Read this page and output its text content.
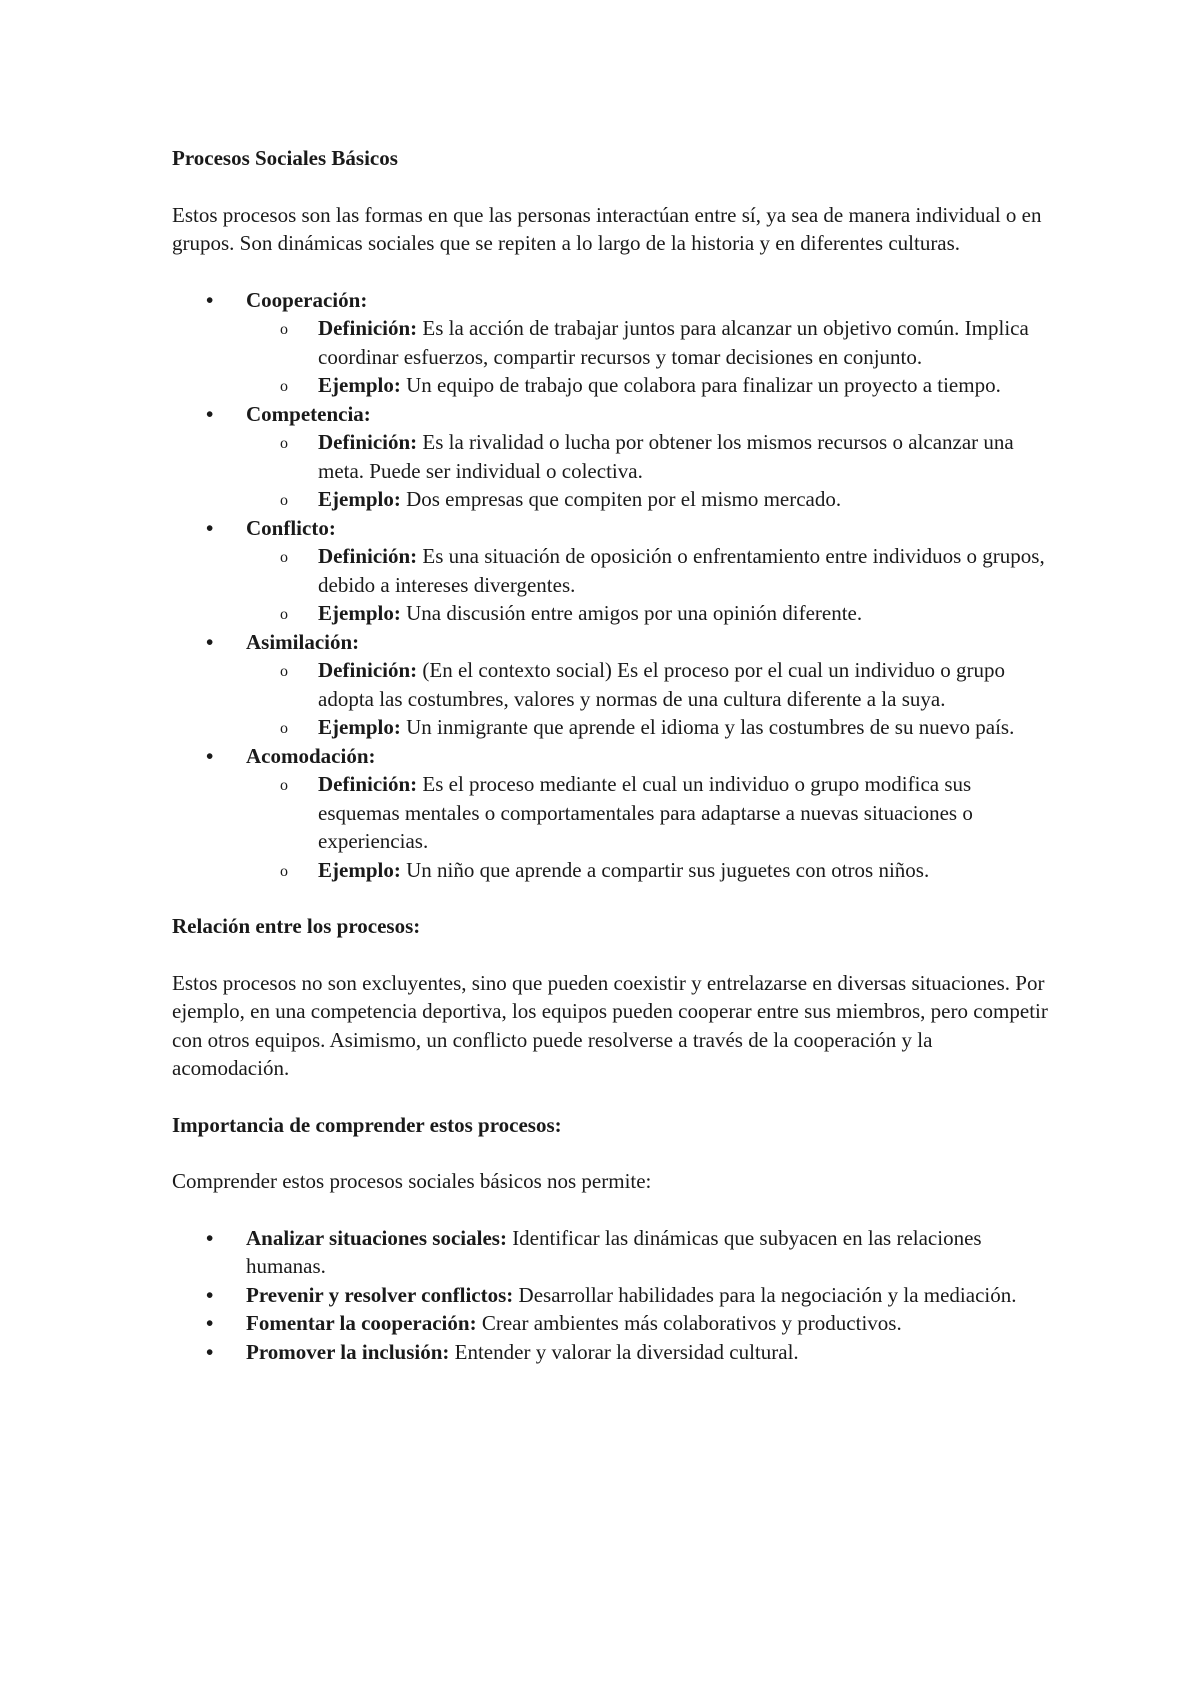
Procesos Sociales Básicos

Estos procesos son las formas en que las personas interactúan entre sí, ya sea de manera individual o en grupos. Son dinámicas sociales que se repiten a lo largo de la historia y en diferentes culturas.

• Cooperación:
o Definición: Es la acción de trabajar juntos para alcanzar un objetivo común. Implica coordinar esfuerzos, compartir recursos y tomar decisiones en conjunto.
o Ejemplo: Un equipo de trabajo que colabora para finalizar un proyecto a tiempo.
• Competencia:
o Definición: Es la rivalidad o lucha por obtener los mismos recursos o alcanzar una meta. Puede ser individual o colectiva.
o Ejemplo: Dos empresas que compiten por el mismo mercado.
• Conflicto:
o Definición: Es una situación de oposición o enfrentamiento entre individuos o grupos, debido a intereses divergentes.
o Ejemplo: Una discusión entre amigos por una opinión diferente.
• Asimilación:
o Definición: (En el contexto social) Es el proceso por el cual un individuo o grupo adopta las costumbres, valores y normas de una cultura diferente a la suya.
o Ejemplo: Un inmigrante que aprende el idioma y las costumbres de su nuevo país.
• Acomodación:
o Definición: Es el proceso mediante el cual un individuo o grupo modifica sus esquemas mentales o comportamentales para adaptarse a nuevas situaciones o experiencias.
o Ejemplo: Un niño que aprende a compartir sus juguetes con otros niños.
Relación entre los procesos:

Estos procesos no son excluyentes, sino que pueden coexistir y entrelazarse en diversas situaciones. Por ejemplo, en una competencia deportiva, los equipos pueden cooperar entre sus miembros, pero competir con otros equipos. Asimismo, un conflicto puede resolverse a través de la cooperación y la acomodación.

Importancia de comprender estos procesos:

Comprender estos procesos sociales básicos nos permite:

• Analizar situaciones sociales: Identificar las dinámicas que subyacen en las relaciones humanas.
• Prevenir y resolver conflictos: Desarrollar habilidades para la negociación y la mediación.
• Fomentar la cooperación: Crear ambientes más colaborativos y productivos.
• Promover la inclusión: Entender y valorar la diversidad cultural.
